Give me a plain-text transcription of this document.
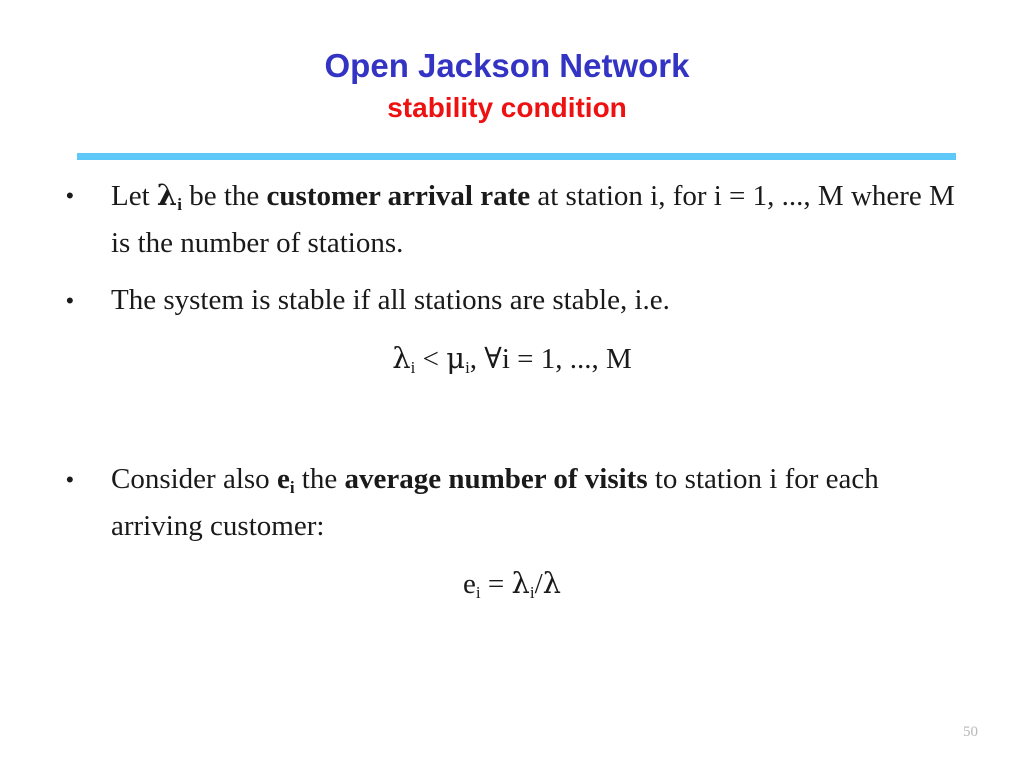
Open Jackson Network
stability condition
• Let $\lambda_i$ be the customer arrival rate at station i, for i = 1, ..., M where M is the number of stations.
• The system is stable if all stations are stable, i.e.
$\lambda_i < \mu_i$, ∀i = 1, ..., M
• Consider also $e_i$ the average number of visits to station i for each arriving customer:
$e_i = \lambda_i/\lambda$
50
